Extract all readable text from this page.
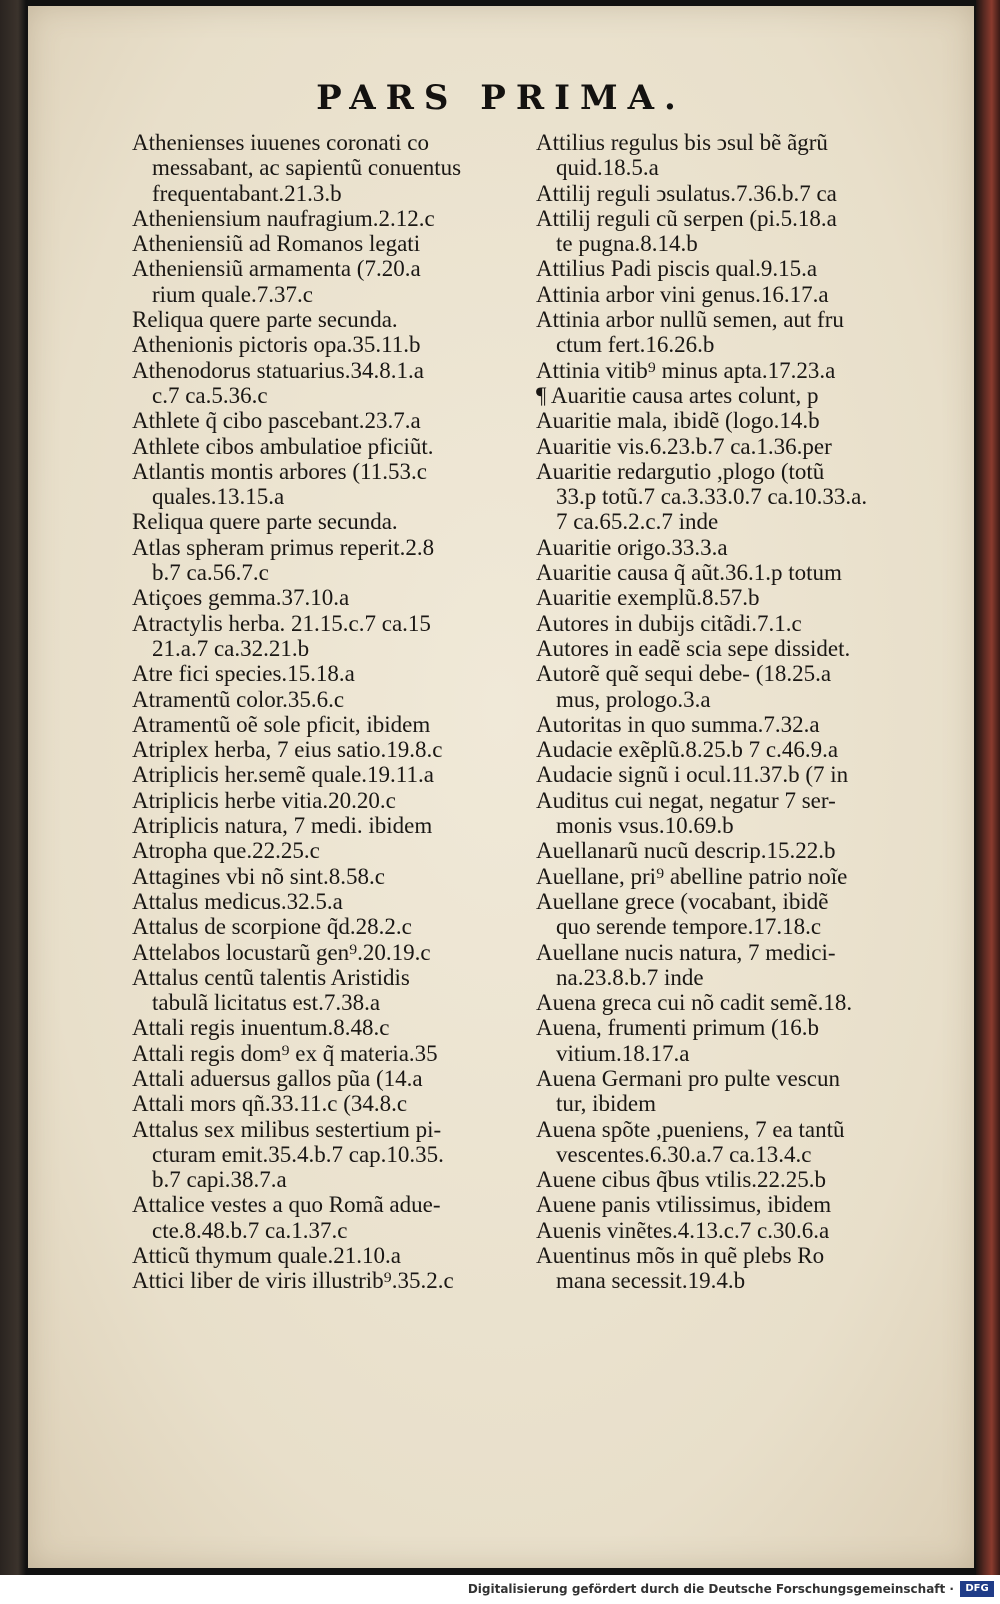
PARS PRIMA.
Athenienses iuuenes coronati co
messabant, ac sapientũ conuentus
frequentabant.21.3.b
Atheniensium naufragium.2.12.c
Atheniensiũ ad Romanos legati
Atheniensiũ armamenta (7.20.a
rium quale.7.37.c
Reliqua quere parte secunda.
Athenionis pictoris opa.35.11.b
Athenodorus statuarius.34.8.1.a
c.7 ca.5.36.c
Athlete q̃ cibo pascebant.23.7.a
Athlete cibos ambulatioe pficiũt.
Atlantis montis arbores (11.53.c
quales.13.15.a
Reliqua quere parte secunda.
Atlas spheram primus reperit.2.8
b.7 ca.56.7.c
Atiçoes gemma.37.10.a
Atractylis herba. 21.15.c.7 ca.15
21.a.7 ca.32.21.b
Atre fici species.15.18.a
Atramentũ color.35.6.c
Atramentũ oẽ sole pficit, ibidem
Atriplex herba, 7 eius satio.19.8.c
Atriplicis her.semẽ quale.19.11.a
Atriplicis herbe vitia.20.20.c
Atriplicis natura, 7 medi. ibidem
Atropha que.22.25.c
Attagines vbi nõ sint.8.58.c
Attalus medicus.32.5.a
Attalus de scorpione q̃d.28.2.c
Attelabos locustarũ gen⁹.20.19.c
Attalus centũ talentis Aristidis
tabulã licitatus est.7.38.a
Attali regis inuentum.8.48.c
Attali regis dom⁹ ex q̃ materia.35
Attali aduersus gallos pũa (14.a
Attali mors qñ.33.11.c (34.8.c
Attalus sex milibus sestertium pi-
cturam emit.35.4.b.7 cap.10.35.
b.7 capi.38.7.a
Attalice vestes a quo Romã adue-
cte.8.48.b.7 ca.1.37.c
Atticũ thymum quale.21.10.a
Attici liber de viris illustrib⁹.35.2.c
Attilius regulus bis ↄsul bẽ ãgrũ
quid.18.5.a
Attilij reguli ↄsulatus.7.36.b.7 ca
Attilij reguli cũ serpen (pi.5.18.a
te pugna.8.14.b
Attilius Padi piscis qual.9.15.a
Attinia arbor vini genus.16.17.a
Attinia arbor nullũ semen, aut fru
ctum fert.16.26.b
Attinia vitib⁹ minus apta.17.23.a
¶ Auaritie causa artes colunt, p
Auaritie mala, ibidẽ (logo.14.b
Auaritie vis.6.23.b.7 ca.1.36.per
Auaritie redargutio ,plogo (totũ
33.p totũ.7 ca.3.33.0.7 ca.10.33.a.
7 ca.65.2.c.7 inde
Auaritie origo.33.3.a
Auaritie causa q̃ aũt.36.1.p totum
Auaritie exemplũ.8.57.b
Autores in dubijs citãdi.7.1.c
Autores in eadẽ scia sepe dissidet.
Autorẽ quẽ sequi debe- (18.25.a
mus, prologo.3.a
Autoritas in quo summa.7.32.a
Audacie exẽplũ.8.25.b 7 c.46.9.a
Audacie signũ i ocul.11.37.b (7 in
Auditus cui negat, negatur 7 ser-
monis vsus.10.69.b
Auellanarũ nucũ descrip.15.22.b
Auellane, pri⁹ abelline patrio noĩe
Auellane grece (vocabant, ibidẽ
quo serende tempore.17.18.c
Auellane nucis natura, 7 medici-
na.23.8.b.7 inde
Auena greca cui nõ cadit semẽ.18.
Auena, frumenti primum (16.b
vitium.18.17.a
Auena Germani pro pulte vescun
tur, ibidem
Auena spõte ,pueniens, 7 ea tantũ
vescentes.6.30.a.7 ca.13.4.c
Auene cibus q̃bus vtilis.22.25.b
Auene panis vtilissimus, ibidem
Auenis vinẽtes.4.13.c.7 c.30.6.a
Auentinus mõs in quẽ plebs Ro
mana secessit.19.4.b
Digitalisierung gefördert durch die Deutsche Forschungsgemeinschaft ·	DFG
